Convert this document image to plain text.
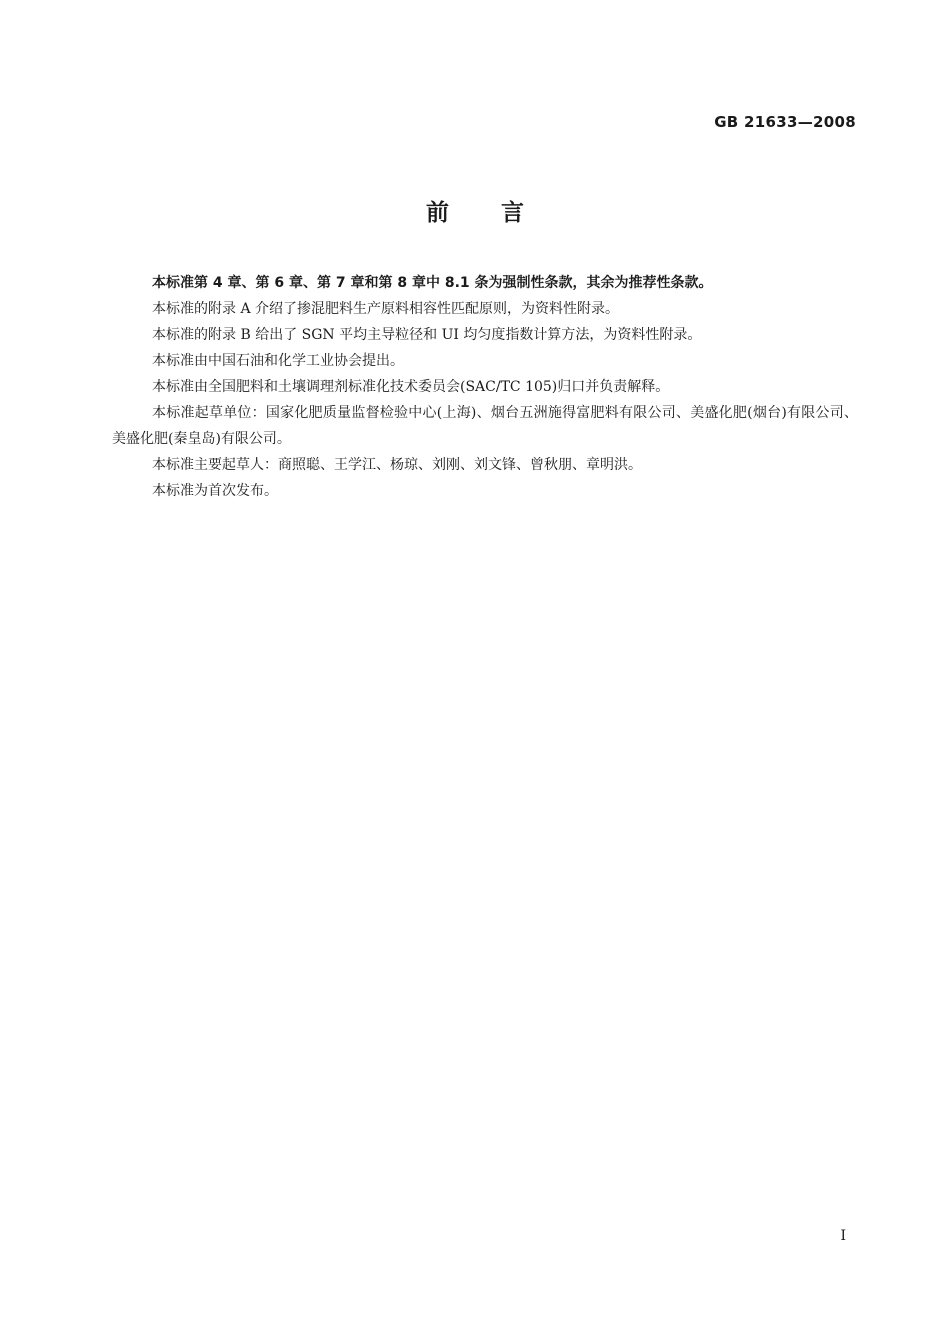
GB 21633—2008
前言

本标准第 4 章、第 6 章、第 7 章和第 8 章中 8.1 条为强制性条款，其余为推荐性条款。

本标准的附录 A 介绍了掺混肥料生产原料相容性匹配原则，为资料性附录。

本标准的附录 B 给出了 SGN 平均主导粒径和 UI 均匀度指数计算方法，为资料性附录。

本标准由中国石油和化学工业协会提出。

本标准由全国肥料和土壤调理剂标准化技术委员会(SAC/TC 105)归口并负责解释。

本标准起草单位：国家化肥质量监督检验中心(上海)、烟台五洲施得富肥料有限公司、美盛化肥(烟台)有限公司、美盛化肥(秦皇岛)有限公司。

本标准主要起草人：商照聪、王学江、杨琼、刘刚、刘文锋、曾秋朋、章明洪。

本标准为首次发布。

I
